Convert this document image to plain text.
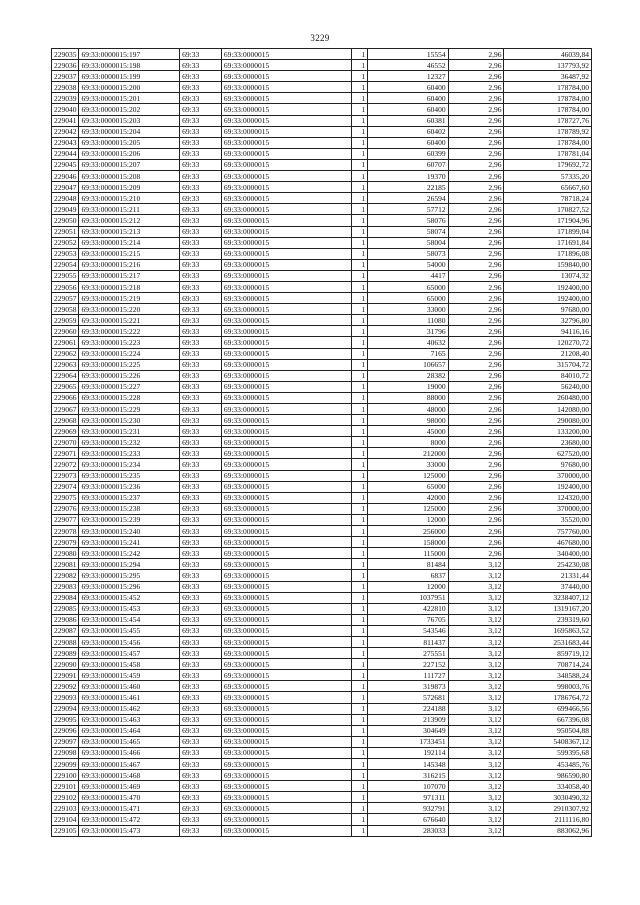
3229
229035	69:33:0000015:197	69:33	69:33:0000015	1	15554	2,96	46039,84
229036	69:33:0000015:198	69:33	69:33:0000015	1	46552	2,96	137793,92
229037	69:33:0000015:199	69:33	69:33:0000015	1	12327	2,96	36487,92
229038	69:33:0000015:200	69:33	69:33:0000015	1	60400	2,96	178784,00
229039	69:33:0000015:201	69:33	69:33:0000015	1	60400	2,96	178784,00
229040	69:33:0000015:202	69:33	69:33:0000015	1	60400	2,96	178784,00
229041	69:33:0000015:203	69:33	69:33:0000015	1	60381	2,96	178727,76
229042	69:33:0000015:204	69:33	69:33:0000015	1	60402	2,96	178789,92
229043	69:33:0000015:205	69:33	69:33:0000015	1	60400	2,96	178784,00
229044	69:33:0000015:206	69:33	69:33:0000015	1	60399	2,96	178781,04
229045	69:33:0000015:207	69:33	69:33:0000015	1	60707	2,96	179692,72
229046	69:33:0000015:208	69:33	69:33:0000015	1	19370	2,96	57335,20
229047	69:33:0000015:209	69:33	69:33:0000015	1	22185	2,96	65667,60
229048	69:33:0000015:210	69:33	69:33:0000015	1	26594	2,96	78718,24
229049	69:33:0000015:211	69:33	69:33:0000015	1	57712	2,96	170827,52
229050	69:33:0000015:212	69:33	69:33:0000015	1	58076	2,96	171904,96
229051	69:33:0000015:213	69:33	69:33:0000015	1	58074	2,96	171899,04
229052	69:33:0000015:214	69:33	69:33:0000015	1	58004	2,96	171691,84
229053	69:33:0000015:215	69:33	69:33:0000015	1	58073	2,96	171896,08
229054	69:33:0000015:216	69:33	69:33:0000015	1	54000	2,96	159840,00
229055	69:33:0000015:217	69:33	69:33:0000015	1	4417	2,96	13074,32
229056	69:33:0000015:218	69:33	69:33:0000015	1	65000	2,96	192400,00
229057	69:33:0000015:219	69:33	69:33:0000015	1	65000	2,96	192400,00
229058	69:33:0000015:220	69:33	69:33:0000015	1	33000	2,96	97680,00
229059	69:33:0000015:221	69:33	69:33:0000015	1	11080	2,96	32796,80
229060	69:33:0000015:222	69:33	69:33:0000015	1	31796	2,96	94116,16
229061	69:33:0000015:223	69:33	69:33:0000015	1	40632	2,96	120270,72
229062	69:33:0000015:224	69:33	69:33:0000015	1	7165	2,96	21208,40
229063	69:33:0000015:225	69:33	69:33:0000015	1	106657	2,96	315704,72
229064	69:33:0000015:226	69:33	69:33:0000015	1	28382	2,96	84010,72
229065	69:33:0000015:227	69:33	69:33:0000015	1	19000	2,96	56240,00
229066	69:33:0000015:228	69:33	69:33:0000015	1	88000	2,96	260480,00
229067	69:33:0000015:229	69:33	69:33:0000015	1	48000	2,96	142080,00
229068	69:33:0000015:230	69:33	69:33:0000015	1	98000	2,96	290080,00
229069	69:33:0000015:231	69:33	69:33:0000015	1	45000	2,96	133200,00
229070	69:33:0000015:232	69:33	69:33:0000015	1	8000	2,96	23680,00
229071	69:33:0000015:233	69:33	69:33:0000015	1	212000	2,96	627520,00
229072	69:33:0000015:234	69:33	69:33:0000015	1	33000	2,96	97680,00
229073	69:33:0000015:235	69:33	69:33:0000015	1	125000	2,96	370000,00
229074	69:33:0000015:236	69:33	69:33:0000015	1	65000	2,96	192400,00
229075	69:33:0000015:237	69:33	69:33:0000015	1	42000	2,96	124320,00
229076	69:33:0000015:238	69:33	69:33:0000015	1	125000	2,96	370000,00
229077	69:33:0000015:239	69:33	69:33:0000015	1	12000	2,96	35520,00
229078	69:33:0000015:240	69:33	69:33:0000015	1	256000	2,96	757760,00
229079	69:33:0000015:241	69:33	69:33:0000015	1	158000	2,96	467680,00
229080	69:33:0000015:242	69:33	69:33:0000015	1	115000	2,96	340400,00
229081	69:33:0000015:294	69:33	69:33:0000015	1	81484	3,12	254230,08
229082	69:33:0000015:295	69:33	69:33:0000015	1	6837	3,12	21331,44
229083	69:33:0000015:296	69:33	69:33:0000015	1	12000	3,12	37440,00
229084	69:33:0000015:452	69:33	69:33:0000015	1	1037951	3,12	3238407,12
229085	69:33:0000015:453	69:33	69:33:0000015	1	422810	3,12	1319167,20
229086	69:33:0000015:454	69:33	69:33:0000015	1	76705	3,12	239319,60
229087	69:33:0000015:455	69:33	69:33:0000015	1	543546	3,12	1695863,52
229088	69:33:0000015:456	69:33	69:33:0000015	1	811437	3,12	2531683,44
229089	69:33:0000015:457	69:33	69:33:0000015	1	275551	3,12	859719,12
229090	69:33:0000015:458	69:33	69:33:0000015	1	227152	3,12	708714,24
229091	69:33:0000015:459	69:33	69:33:0000015	1	111727	3,12	348588,24
229092	69:33:0000015:460	69:33	69:33:0000015	1	319873	3,12	998003,76
229093	69:33:0000015:461	69:33	69:33:0000015	1	572681	3,12	1786764,72
229094	69:33:0000015:462	69:33	69:33:0000015	1	224188	3,12	699466,56
229095	69:33:0000015:463	69:33	69:33:0000015	1	213909	3,12	667396,08
229096	69:33:0000015:464	69:33	69:33:0000015	1	304649	3,12	950504,88
229097	69:33:0000015:465	69:33	69:33:0000015	1	1733451	3,12	5408367,12
229098	69:33:0000015:466	69:33	69:33:0000015	1	192114	3,12	599395,68
229099	69:33:0000015:467	69:33	69:33:0000015	1	145348	3,12	453485,76
229100	69:33:0000015:468	69:33	69:33:0000015	1	316215	3,12	986590,80
229101	69:33:0000015:469	69:33	69:33:0000015	1	107070	3,12	334058,40
229102	69:33:0000015:470	69:33	69:33:0000015	1	971311	3,12	3030490,32
229103	69:33:0000015:471	69:33	69:33:0000015	1	932791	3,12	2910307,92
229104	69:33:0000015:472	69:33	69:33:0000015	1	676640	3,12	2111116,80
229105	69:33:0000015:473	69:33	69:33:0000015	1	283033	3,12	883062,96
